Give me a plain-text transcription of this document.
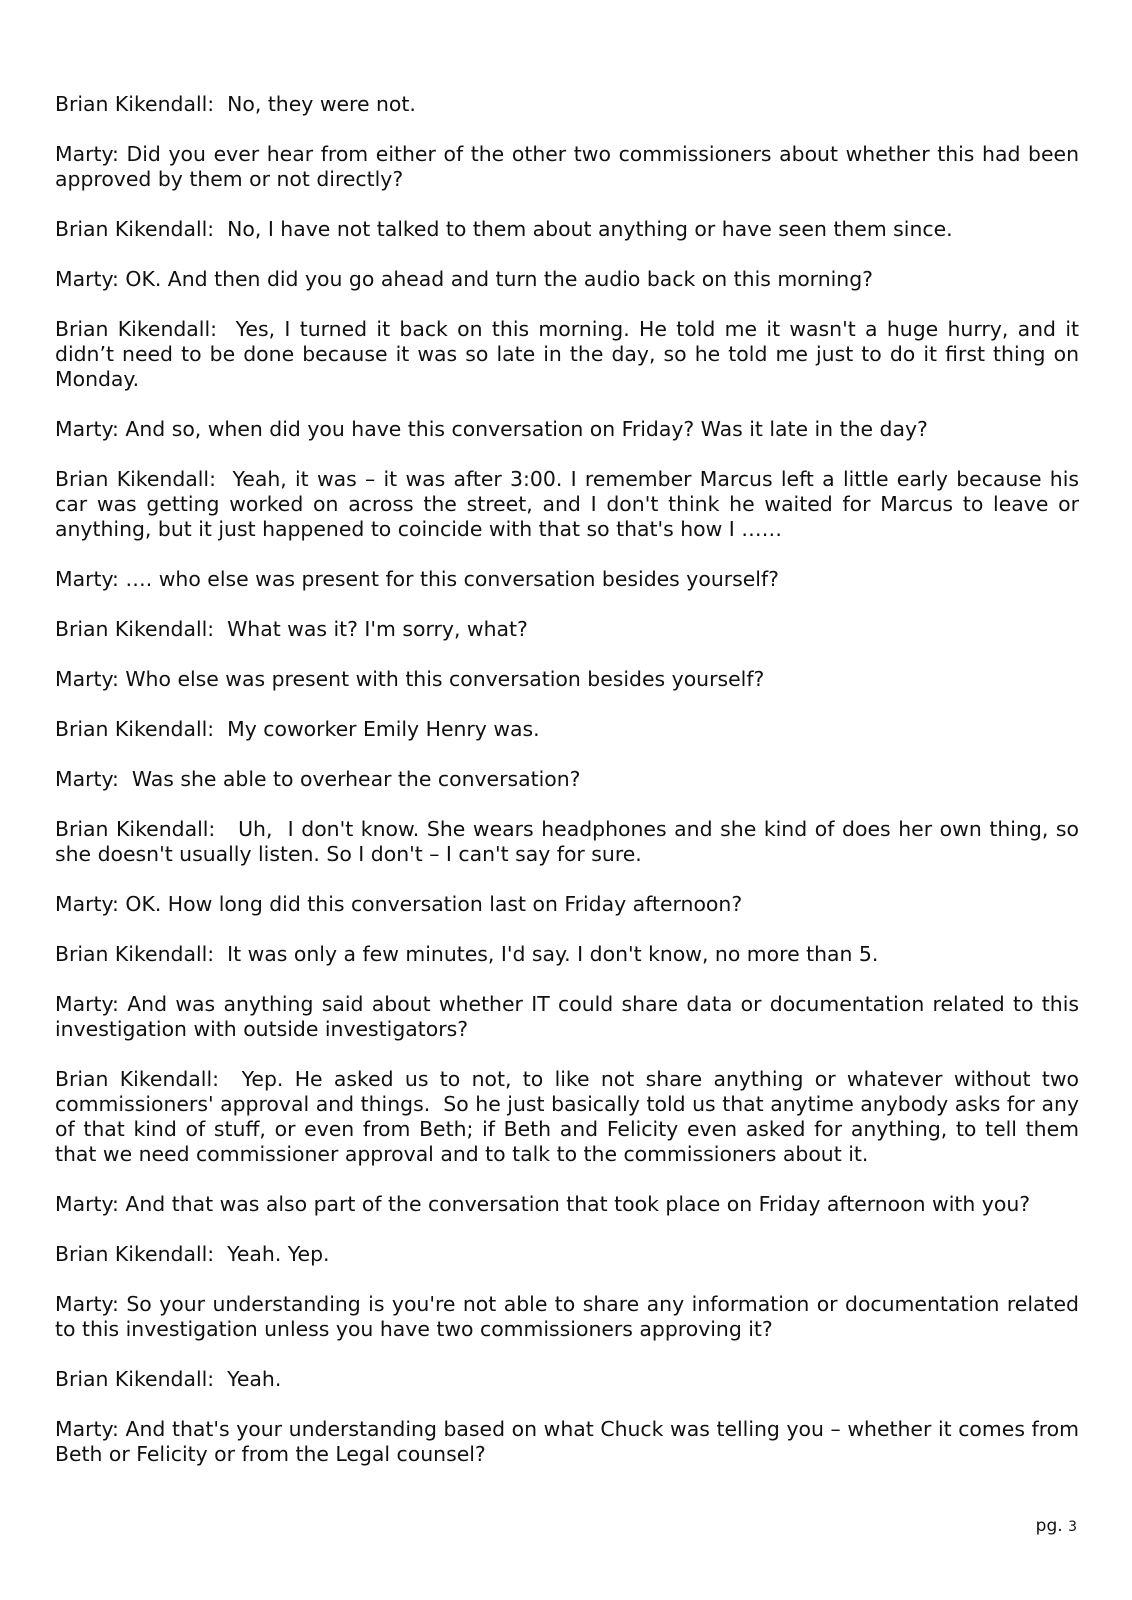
Brian Kikendall:  No, they were not.

Marty: Did you ever hear from either of the other two commissioners about whether this had been approved by them or not directly?

Brian Kikendall:  No, I have not talked to them about anything or have seen them since.

Marty: OK. And then did you go ahead and turn the audio back on this morning?

Brian Kikendall:  Yes, I turned it back on this morning. He told me it wasn't a huge hurry, and it didn’t need to be done because it was so late in the day, so he told me just to do it first thing on Monday.

Marty: And so, when did you have this conversation on Friday? Was it late in the day?

Brian Kikendall:  Yeah, it was – it was after 3:00. I remember Marcus left a little early because his car was getting worked on across the street, and I don't think he waited for Marcus to leave or anything, but it just happened to coincide with that so that's how I ……

Marty: …. who else was present for this conversation besides yourself?

Brian Kikendall:  What was it? I'm sorry, what?

Marty: Who else was present with this conversation besides yourself?

Brian Kikendall:  My coworker Emily Henry was.

Marty:  Was she able to overhear the conversation?

Brian Kikendall:   Uh,  I don't know. She wears headphones and she kind of does her own thing, so she doesn't usually listen. So I don't – I can't say for sure.

Marty: OK. How long did this conversation last on Friday afternoon?

Brian Kikendall:  It was only a few minutes, I'd say. I don't know, no more than 5.

Marty: And was anything said about whether IT could share data or documentation related to this investigation with outside investigators?

Brian Kikendall:  Yep. He asked us to not, to like not share anything or whatever without two commissioners' approval and things.  So he just basically told us that anytime anybody asks for any of that kind of stuff, or even from Beth; if Beth and Felicity even asked for anything, to tell them that we need commissioner approval and to talk to the commissioners about it.

Marty: And that was also part of the conversation that took place on Friday afternoon with you?

Brian Kikendall:  Yeah. Yep.

Marty: So your understanding is you're not able to share any information or documentation related to this investigation unless you have two commissioners approving it?

Brian Kikendall:  Yeah.

Marty: And that's your understanding based on what Chuck was telling you – whether it comes from Beth or Felicity or from the Legal counsel?

pg. 3
